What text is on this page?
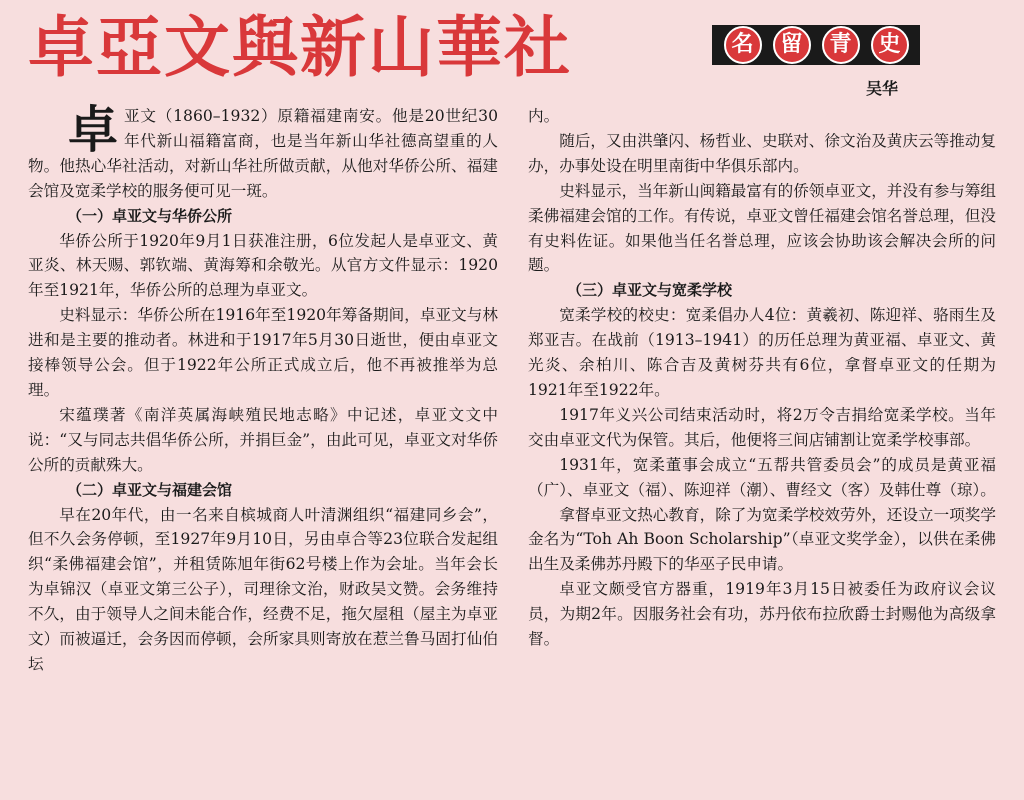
卓亞文與新山華社	名	留	青	史
吴华

卓亚文（1860–1932）原籍福建南安。他是20世纪30年代新山福籍富商，也是当年新山华社德高望重的人物。他热心华社活动，对新山华社所做贡献，从他对华侨公所、福建会馆及宽柔学校的服务便可见一斑。

（一）卓亚文与华侨公所

华侨公所于1920年9月1日获准注册，6位发起人是卓亚文、黄亚炎、林天赐、郭钦端、黄海筹和余敬光。从官方文件显示：1920年至1921年，华侨公所的总理为卓亚文。

史料显示：华侨公所在1916年至1920年筹备期间，卓亚文与林进和是主要的推动者。林进和于1917年5月30日逝世，便由卓亚文接棒领导公会。但于1922年公所正式成立后，他不再被推举为总理。

宋蕴璞著《南洋英属海峡殖民地志略》中记述，卓亚文文中说：“又与同志共倡华侨公所，并捐巨金”，由此可见，卓亚文对华侨公所的贡献殊大。

（二）卓亚文与福建会馆

早在20年代，由一名来自槟城商人叶清渊组织“福建同乡会”，但不久会务停顿，至1927年9月10日，另由卓合等23位联合发起组织“柔佛福建会馆”，并租赁陈旭年街62号楼上作为会址。当年会长为卓锦汉（卓亚文第三公子），司理徐文治，财政吴文赞。会务维持不久，由于领导人之间未能合作，经费不足，拖欠屋租（屋主为卓亚文）而被逼迁，会务因而停顿，会所家具则寄放在惹兰鲁马固打仙伯坛

内。

随后，又由洪肇闪、杨哲业、史联对、徐文治及黄庆云等推动复办，办事处设在明里南街中华俱乐部内。

史料显示，当年新山闽籍最富有的侨领卓亚文，并没有参与筹组柔佛福建会馆的工作。有传说，卓亚文曾任福建会馆名誉总理，但没有史料佐证。如果他当任名誉总理，应该会协助该会解决会所的问题。

（三）卓亚文与宽柔学校

宽柔学校的校史：宽柔倡办人4位：黄羲初、陈迎祥、骆雨生及郑亚吉。在战前（1913–1941）的历任总理为黄亚福、卓亚文、黄光炎、余柏川、陈合吉及黄树芬共有6位，拿督卓亚文的任期为1921年至1922年。

1917年义兴公司结束活动时，将2万令吉捐给宽柔学校。当年交由卓亚文代为保管。其后，他便将三间店铺割让宽柔学校事部。

1931年，宽柔董事会成立“五帮共管委员会”的成员是黄亚福（广）、卓亚文（福）、陈迎祥（潮）、曹经文（客）及韩仕尊（琼）。

拿督卓亚文热心教育，除了为宽柔学校效劳外，还设立一项奖学金名为“Toh Ah Boon Scholarship”（卓亚文奖学金），以供在柔佛出生及柔佛苏丹殿下的华巫子民申请。

卓亚文颇受官方器重，1919年3月15日被委任为政府议会议员，为期2年。因服务社会有功，苏丹依布拉欣爵士封赐他为高级拿督。
